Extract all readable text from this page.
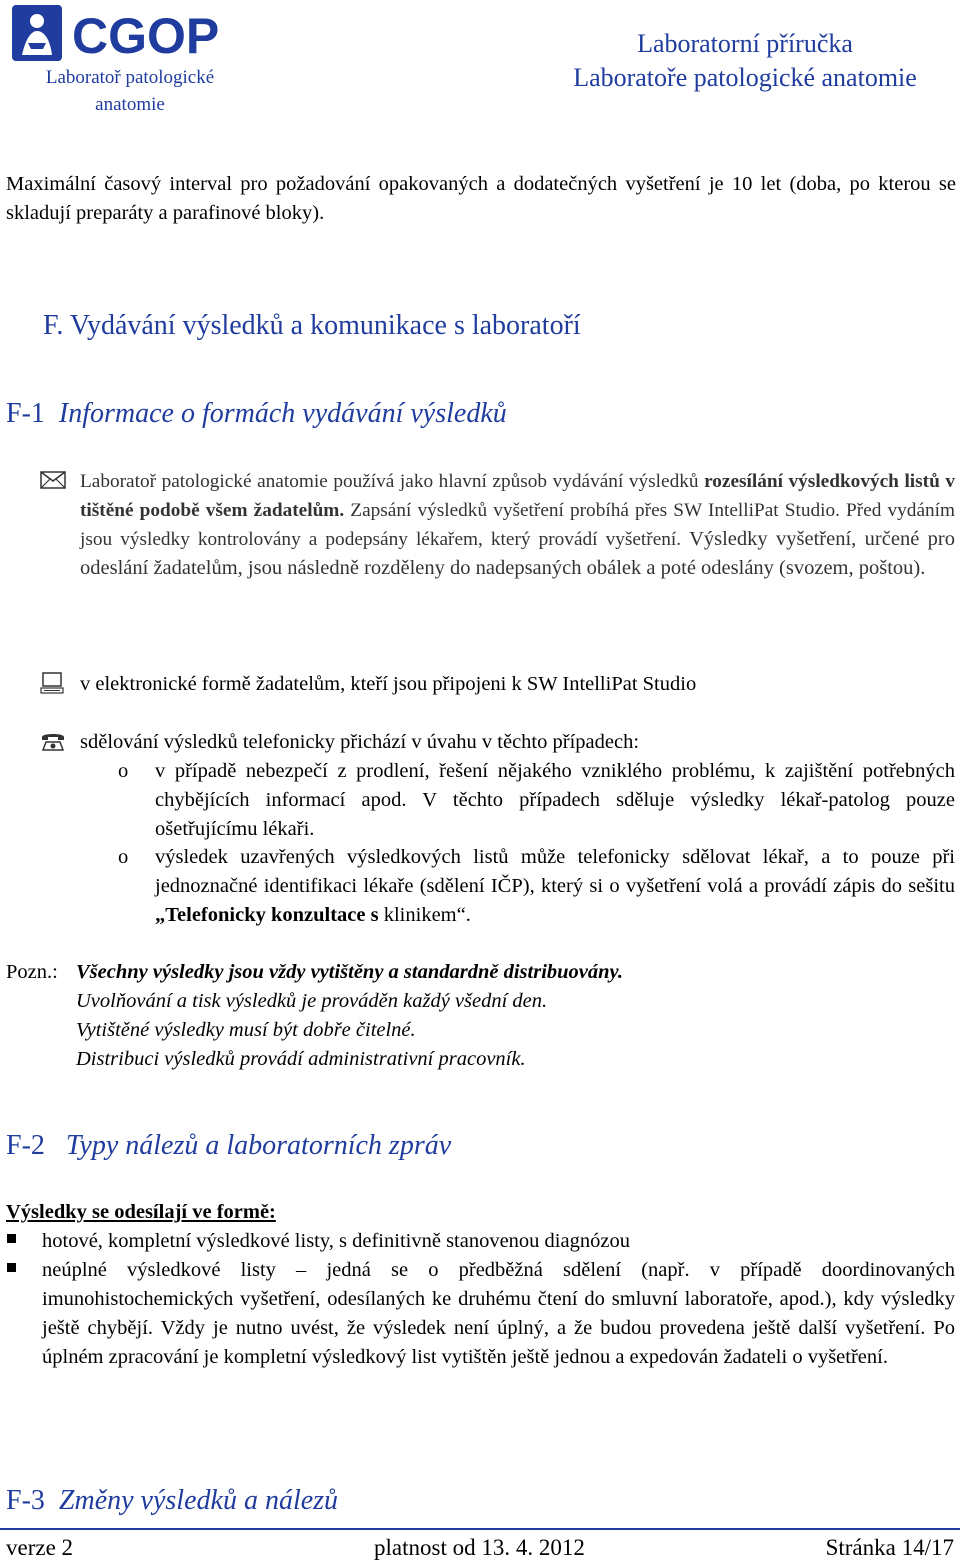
CGOP
Laboratoř patologické anatomie
Laboratorní příručka
Laboratoře patologické anatomie
Maximální časový interval pro požadování opakovaných a dodatečných vyšetření je 10 let (doba, po kterou se skladují preparáty a parafinové bloky).
F. Vydávání výsledků a komunikace s laboratoří
F-1 Informace o formách vydávání výsledků
Laboratoř patologické anatomie používá jako hlavní způsob vydávání výsledků rozesílání výsledkových listů v tištěné podobě všem žadatelům. Zapsání výsledků vyšetření probíhá přes SW IntelliPat Studio. Před vydáním jsou výsledky kontrolovány a podepsány lékařem, který provádí vyšetření. Výsledky vyšetření, určené pro odeslání žadatelům, jsou následně rozděleny do nadepsaných obálek a poté odeslány (svozem, poštou).
v elektronické formě žadatelům, kteří jsou připojeni k SW IntelliPat Studio
sdělování výsledků telefonicky přichází v úvahu v těchto případech:
o v případě nebezpečí z prodlení, řešení nějakého vzniklého problému, k zajištění potřebných chybějících informací apod. V těchto případech sděluje výsledky lékař-patolog pouze ošetřujícímu lékaři.
o výsledek uzavřených výsledkových listů může telefonicky sdělovat lékař, a to pouze při jednoznačné identifikaci lékaře (sdělení IČP), který si o vyšetření volá a provádí zápis do sešitu „Telefonicky konzultace s klinikem“.
Pozn.: Všechny výsledky jsou vždy vytištěny a standardně distribuovány.
Uvolňování a tisk výsledků je prováděn každý všední den.
Vytištěné výsledky musí být dobře čitelné.
Distribuci výsledků provádí administrativní pracovník.
F-2 Typy nálezů a laboratorních zpráv
Výsledky se odesílají ve formě:
hotové, kompletní výsledkové listy, s definitivně stanovenou diagnózou
neúplné výsledkové listy – jedná se o předběžná sdělení (např. v případě doordinovaných imunohistochemických vyšetření, odesílaných ke druhému čtení do smluvní laboratoře, apod.), kdy výsledky ještě chybějí. Vždy je nutno uvést, že výsledek není úplný, a že budou provedena ještě další vyšetření. Po úplném zpracování je kompletní výsledkový list vytištěn ještě jednou a expedován žadateli o vyšetření.
F-3 Změny výsledků a nálezů
verze 2	platnost od 13. 4. 2012	Stránka 14/17
